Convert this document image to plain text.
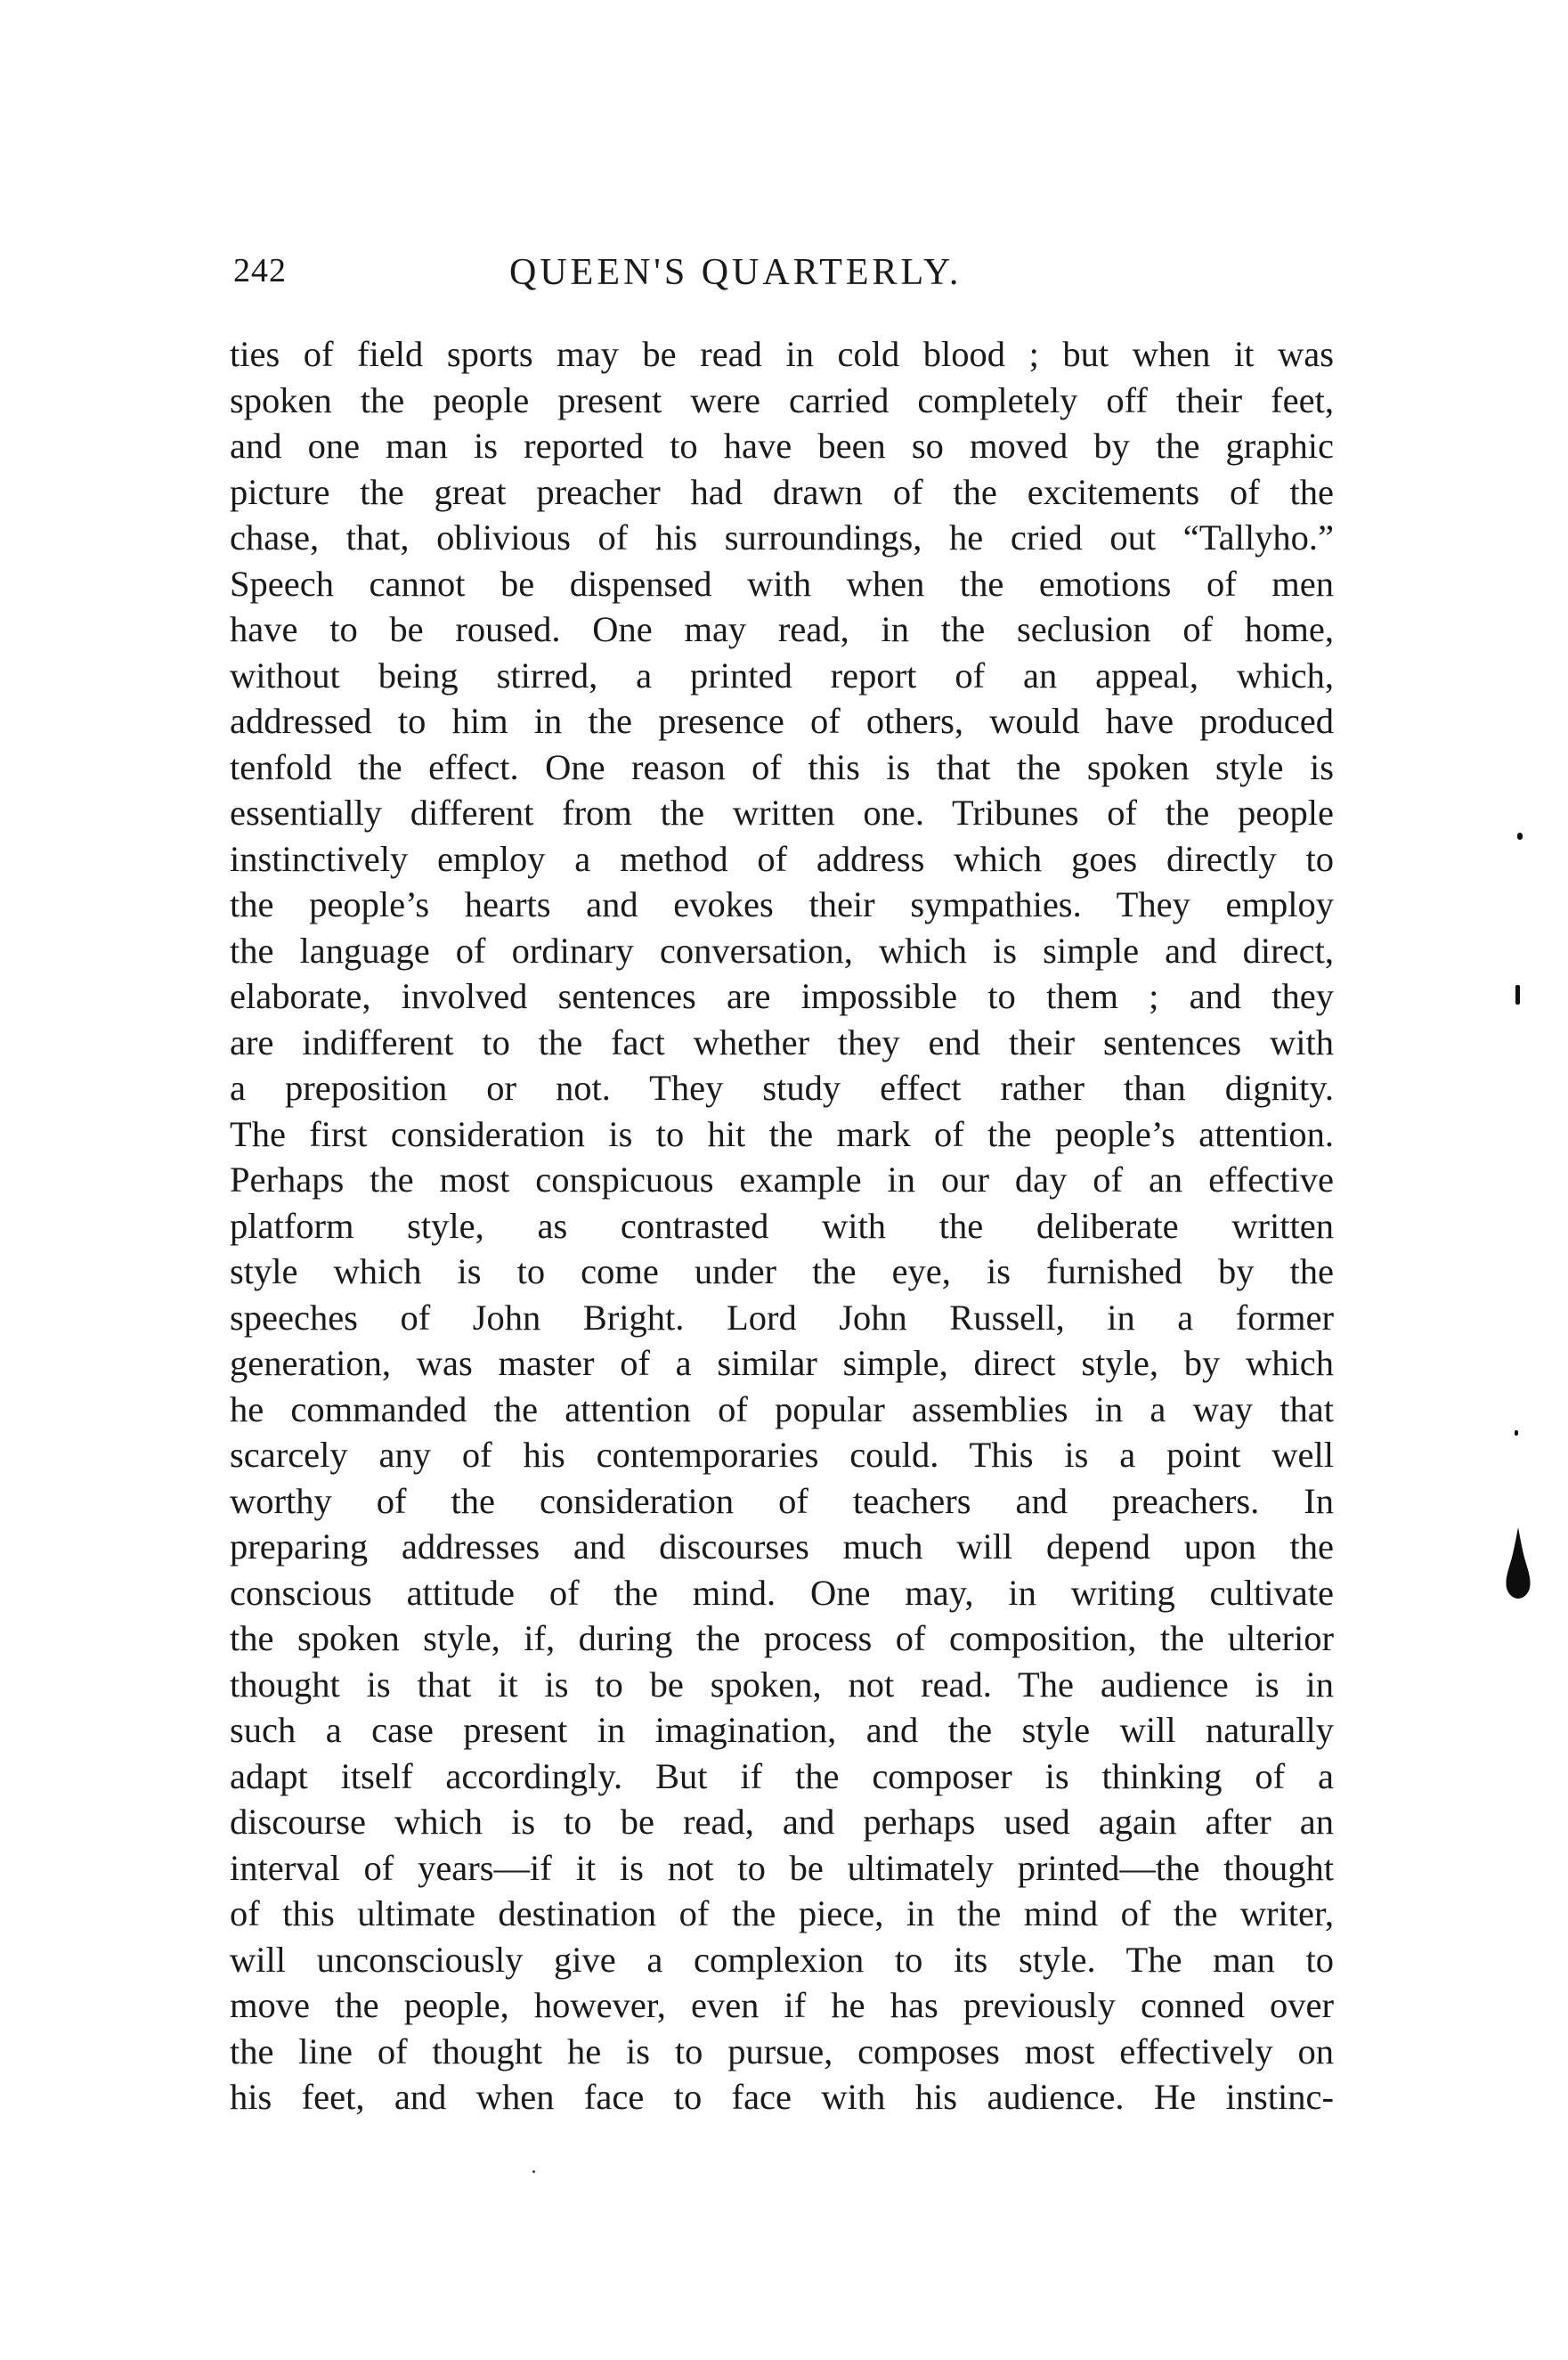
242	QUEEN'S QUARTERLY.
ties of field sports may be read in cold blood ; but when it was
spoken the people present were carried completely off their feet,
and one man is reported to have been so moved by the graphic
picture the great preacher had drawn of the excitements of the
chase, that, oblivious of his surroundings, he cried out “Tallyho.”
Speech cannot be dispensed with when the emotions of men
have to be roused. One may read, in the seclusion of home,
without being stirred, a printed report of an appeal, which,
addressed to him in the presence of others, would have produced
tenfold the effect. One reason of this is that the spoken style is
essentially different from the written one. Tribunes of the people
instinctively employ a method of address which goes directly to
the people’s hearts and evokes their sympathies. They employ
the language of ordinary conversation, which is simple and direct,
elaborate, involved sentences are impossible to them ; and they
are indifferent to the fact whether they end their sentences with
a preposition or not. They study effect rather than dignity.
The first consideration is to hit the mark of the people’s attention.
Perhaps the most conspicuous example in our day of an effective
platform style, as contrasted with the deliberate written
style which is to come under the eye, is furnished by the
speeches of John Bright. Lord John Russell, in a former
generation, was master of a similar simple, direct style, by which
he commanded the attention of popular assemblies in a way that
scarcely any of his contemporaries could. This is a point well
worthy of the consideration of teachers and preachers. In
preparing addresses and discourses much will depend upon the
conscious attitude of the mind. One may, in writing cultivate
the spoken style, if, during the process of composition, the ulterior
thought is that it is to be spoken, not read. The audience is in
such a case present in imagination, and the style will naturally
adapt itself accordingly. But if the composer is thinking of a
discourse which is to be read, and perhaps used again after an
interval of years—if it is not to be ultimately printed—the thought
of this ultimate destination of the piece, in the mind of the writer,
will unconsciously give a complexion to its style. The man to
move the people, however, even if he has previously conned over
the line of thought he is to pursue, composes most effectively on
his feet, and when face to face with his audience. He instinc-
